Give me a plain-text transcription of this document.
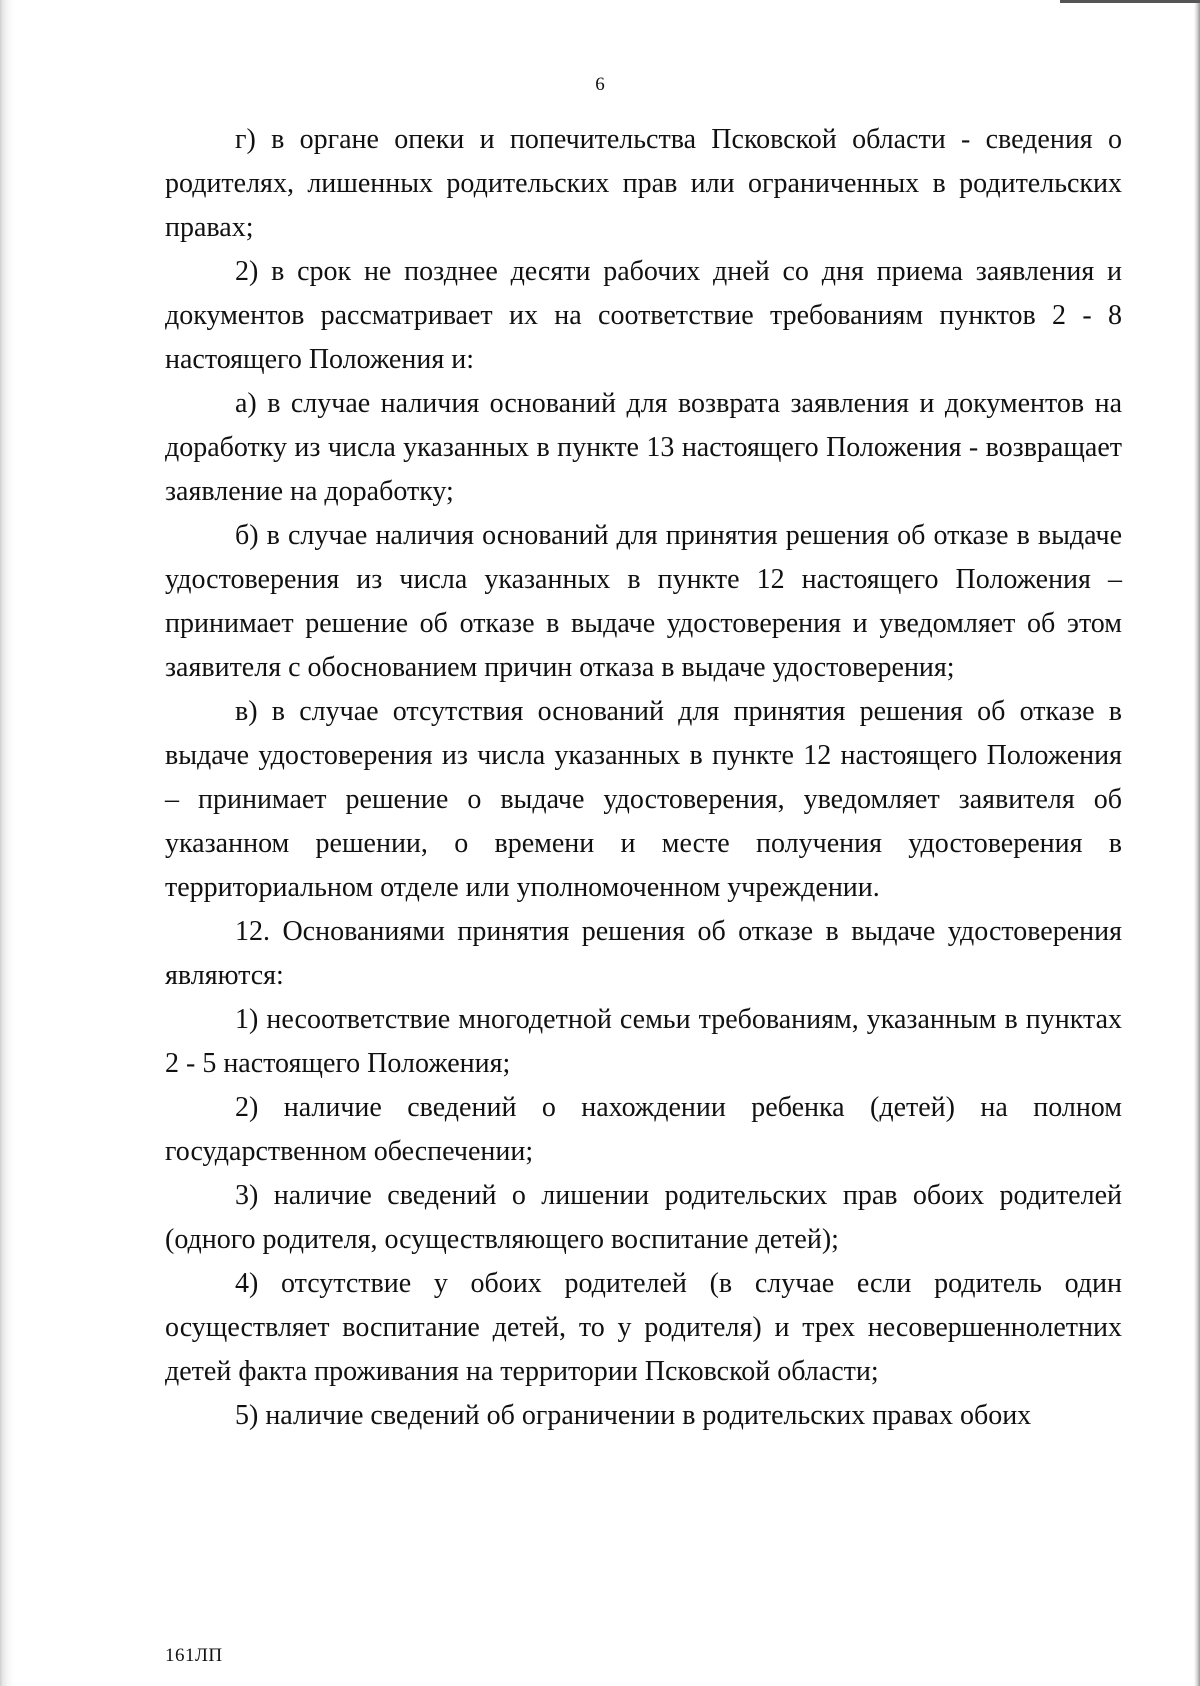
6

г) в органе опеки и попечительства Псковской области - сведения о родителях, лишенных родительских прав или ограниченных в родительских правах;

2) в срок не позднее десяти рабочих дней со дня приема заявления и документов рассматривает их на соответствие требованиям пунктов 2 - 8 настоящего Положения и:

а) в случае наличия оснований для возврата заявления и документов на доработку из числа указанных в пункте 13 настоящего Положения - возвращает заявление на доработку;

б) в случае наличия оснований для принятия решения об отказе в выдаче удостоверения из числа указанных в пункте 12 настоящего Положения – принимает решение об отказе в выдаче удостоверения и уведомляет об этом заявителя с обоснованием причин отказа в выдаче удостоверения;

в) в случае отсутствия оснований для принятия решения об отказе в выдаче удостоверения из числа указанных в пункте 12 настоящего Положения – принимает решение о выдаче удостоверения, уведомляет заявителя об указанном решении, о времени и месте получения удостоверения в территориальном отделе или уполномоченном учреждении.

12. Основаниями принятия решения об отказе в выдаче удостоверения являются:

1) несоответствие многодетной семьи требованиям, указанным в пунктах 2 - 5 настоящего Положения;

2) наличие сведений о нахождении ребенка (детей) на полном государственном обеспечении;

3) наличие сведений о лишении родительских прав обоих родителей (одного родителя, осуществляющего воспитание детей);

4) отсутствие у обоих родителей (в случае если родитель один осуществляет воспитание детей, то у родителя) и трех несовершеннолетних детей факта проживания на территории Псковской области;

5) наличие сведений об ограничении в родительских правах обоих

161ЛП
